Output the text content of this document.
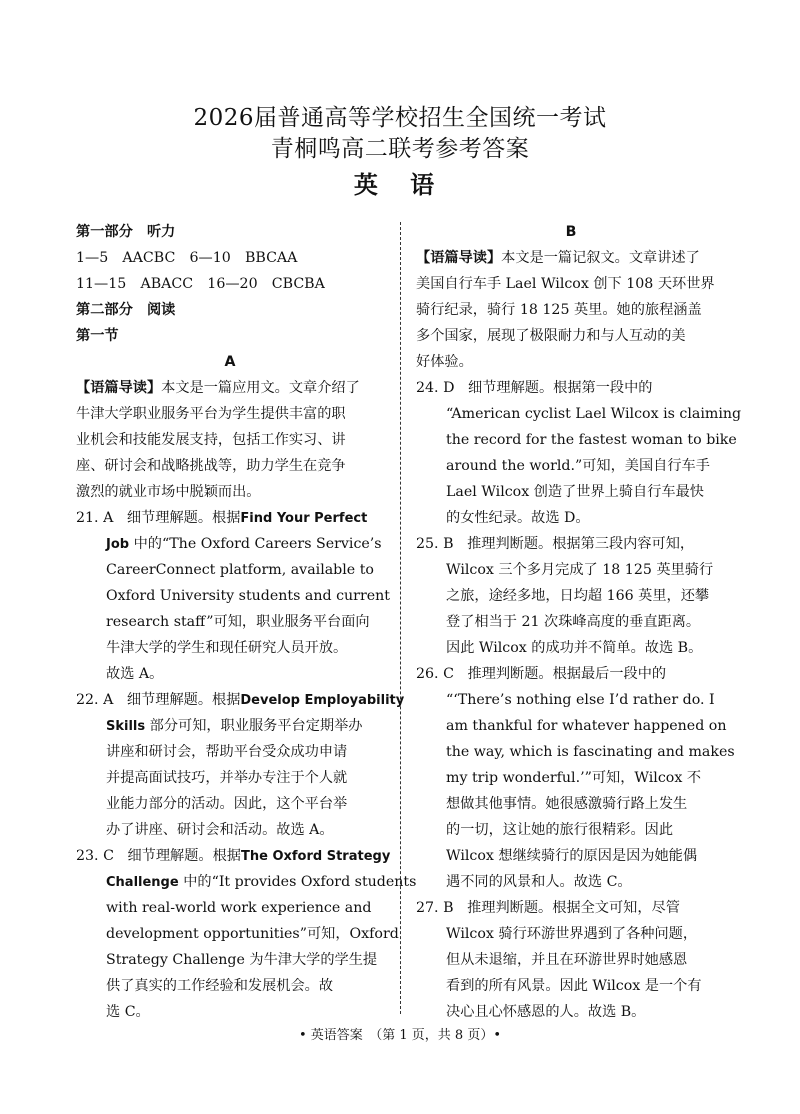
2026届普通高等学校招生全国统一考试
青桐鸣高二联考参考答案
英 语
第一部分　听力
1—5　AACBC　6—10　BBCAA
11—15　ABACC　16—20　CBCBA
第二部分　阅读
第一节
A
【语篇导读】本文是一篇应用文。文章介绍了
牛津大学职业服务平台为学生提供丰富的职
业机会和技能发展支持，包括工作实习、讲
座、研讨会和战略挑战等，助力学生在竞争
激烈的就业市场中脱颖而出。
21. A 细节理解题。根据Find Your Perfect
Job 中的“The Oxford Careers Service’s
CareerConnect platform, available to
Oxford University students and current
research staff”可知，职业服务平台面向
牛津大学的学生和现任研究人员开放。
故选 A。
22. A 细节理解题。根据Develop Employability
Skills 部分可知，职业服务平台定期举办
讲座和研讨会，帮助平台受众成功申请
并提高面试技巧，并举办专注于个人就
业能力部分的活动。因此，这个平台举
办了讲座、研讨会和活动。故选 A。
23. C 细节理解题。根据The Oxford Strategy
Challenge 中的“It provides Oxford students
with real-world work experience and
development opportunities”可知，Oxford
Strategy Challenge 为牛津大学的学生提
供了真实的工作经验和发展机会。故
选 C。
B
【语篇导读】本文是一篇记叙文。文章讲述了
美国自行车手 Lael Wilcox 创下 108 天环世界
骑行纪录，骑行 18 125 英里。她的旅程涵盖
多个国家，展现了极限耐力和与人互动的美
好体验。
24. D 细节理解题。根据第一段中的
“American cyclist Lael Wilcox is claiming
the record for the fastest woman to bike
around the world.”可知，美国自行车手
Lael Wilcox 创造了世界上骑自行车最快
的女性纪录。故选 D。
25. B 推理判断题。根据第三段内容可知，
Wilcox 三个多月完成了 18 125 英里骑行
之旅，途经多地，日均超 166 英里，还攀
登了相当于 21 次珠峰高度的垂直距离。
因此 Wilcox 的成功并不简单。故选 B。
26. C 推理判断题。根据最后一段中的
“‘There’s nothing else I’d rather do. I
am thankful for whatever happened on
the way, which is fascinating and makes
my trip wonderful.’”可知，Wilcox 不
想做其他事情。她很感激骑行路上发生
的一切，这让她的旅行很精彩。因此
Wilcox 想继续骑行的原因是因为她能偶
遇不同的风景和人。故选 C。
27. B 推理判断题。根据全文可知，尽管
Wilcox 骑行环游世界遇到了各种问题，
但从未退缩，并且在环游世界时她感恩
看到的所有风景。因此 Wilcox 是一个有
决心且心怀感恩的人。故选 B。
• 英语答案　（第 1 页，共 8 页）•
